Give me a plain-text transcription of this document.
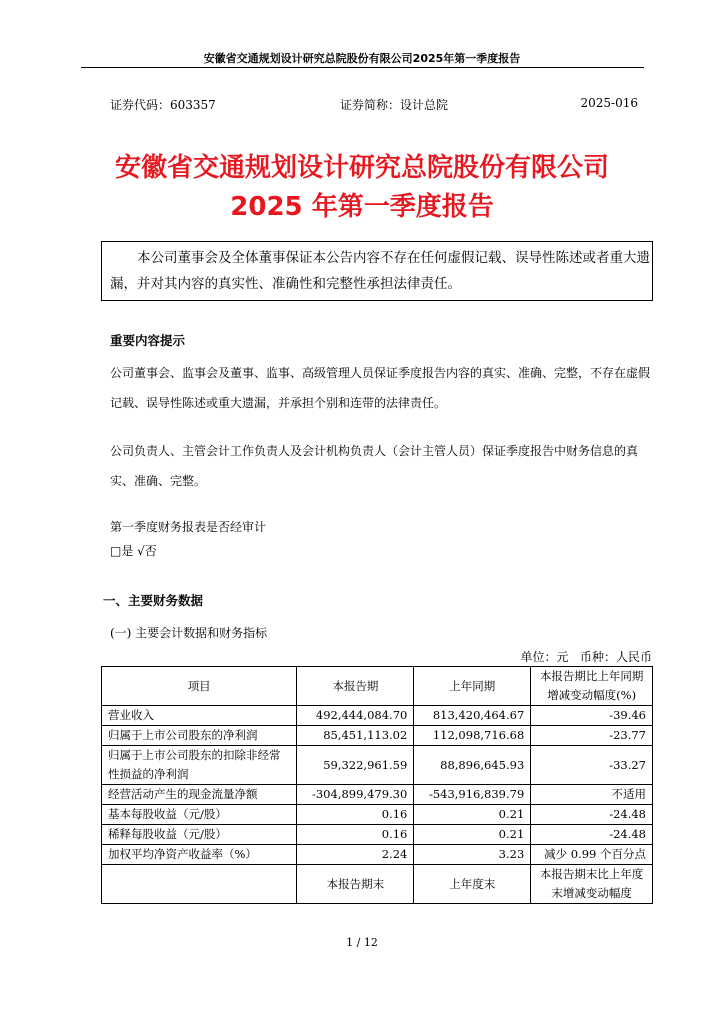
安徽省交通规划设计研究总院股份有限公司2025年第一季度报告
证券代码：603357	证券简称：设计总院	2025-016
安徽省交通规划设计研究总院股份有限公司
2025 年第一季度报告
本公司董事会及全体董事保证本公告内容不存在任何虚假记载、误导性陈述或者重大遗漏，并对其内容的真实性、准确性和完整性承担法律责任。
重要内容提示
公司董事会、监事会及董事、监事、高级管理人员保证季度报告内容的真实、准确、完整，不存在虚假记载、误导性陈述或重大遗漏，并承担个别和连带的法律责任。
公司负责人、主管会计工作负责人及会计机构负责人（会计主管人员）保证季度报告中财务信息的真实、准确、完整。
第一季度财务报表是否经审计
□是 √否
一、主要财务数据
(一) 主要会计数据和财务指标
单位：元   币种：人民币
项目	本报告期	上年同期	本报告期比上年同期增减变动幅度(%)
营业收入	492,444,084.70	813,420,464.67	-39.46
归属于上市公司股东的净利润	85,451,113.02	112,098,716.68	-23.77
归属于上市公司股东的扣除非经常性损益的净利润	59,322,961.59	88,896,645.93	-33.27
经营活动产生的现金流量净额	-304,899,479.30	-543,916,839.79	不适用
基本每股收益（元/股）	0.16	0.21	-24.48
稀释每股收益（元/股）	0.16	0.21	-24.48
加权平均净资产收益率（%）	2.24	3.23	减少 0.99 个百分点
	本报告期末	上年度末	本报告期末比上年度末增减变动幅度
1 / 12
